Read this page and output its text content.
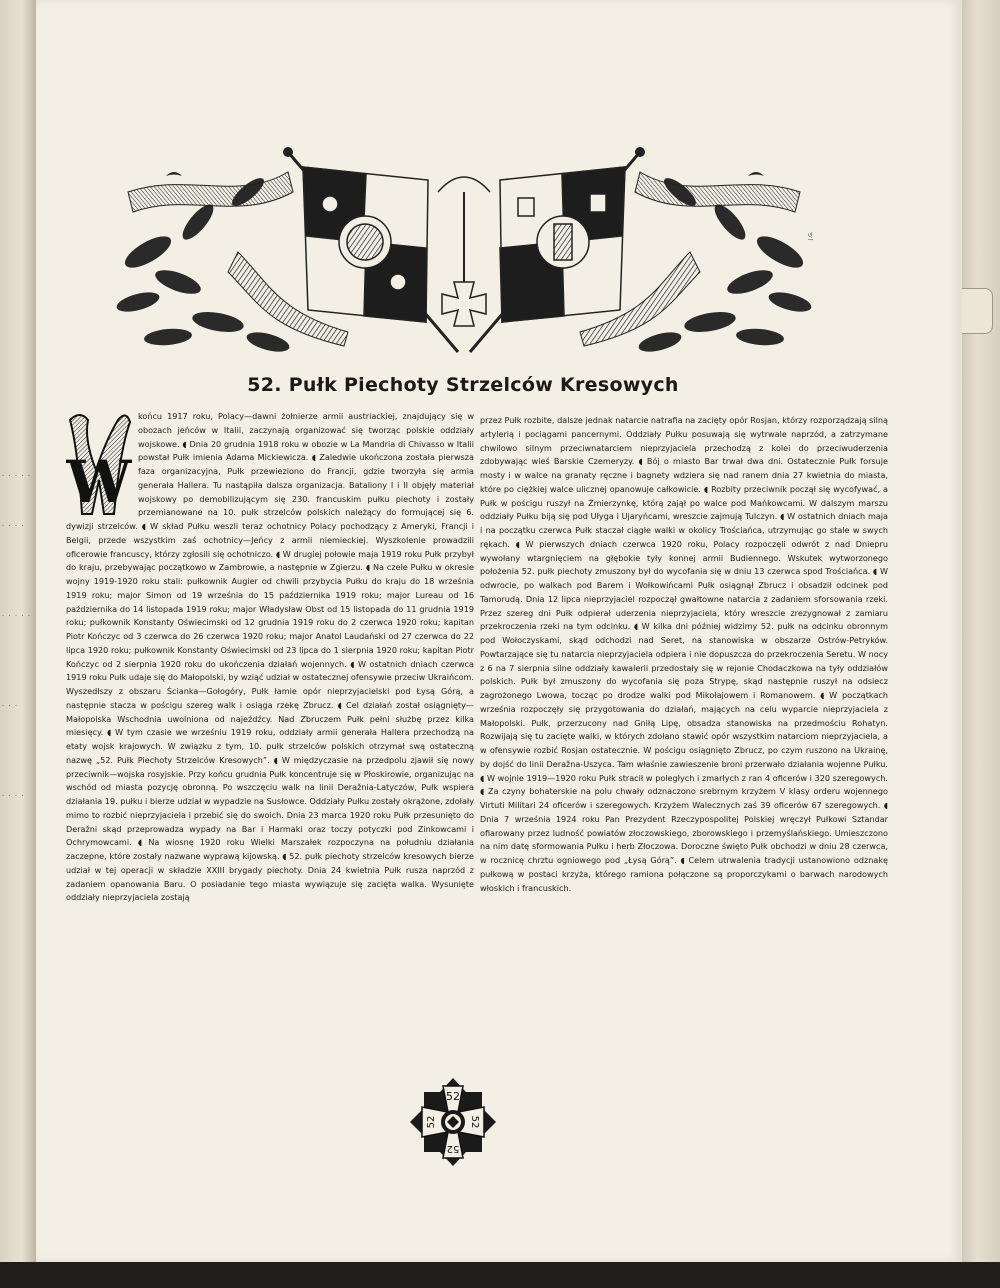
. . . . .
. . . .
. . . . .
. . .
. . . .
J.G.
52. Pułk Piechoty Strzelców Kresowych
W
końcu 1917 roku, Polacy—dawni żołnierze armii austriackiej, znajdujący się w obozach jeńców w Italii, zaczynają organizować się tworząc polskie oddziały wojskowe. ◖ Dnia 20 grudnia 1918 roku w obozie w La Mandria di Chivasso w Italii powstał Pułk imienia Adama Mickiewicza. ◖ Zaledwie ukończona została pierwsza faza organizacyjna, Pułk przewieziono do Francji, gdzie tworzyła się armia generała Hallera. Tu nastąpiła dalsza organizacja. Bataliony I i II objęły materiał wojskowy po demobilizującym się 230. francuskim pułku piechoty i zostały przemianowane na 10. pułk strzelców polskich należący do formującej się 6. dywizji strzelców. ◖ W skład Pułku weszli teraz ochotnicy Polacy pochodzący z Ameryki, Francji i Belgii, przede wszystkim zaś ochotnicy—Jeńcy z armii niemieckiej. Wyszkolenie prowadzili oficerowie francuscy, którzy zgłosili się ochotniczo. ◖ W drugiej połowie maja 1919 roku Pułk przybył do kraju, przebywając początkowo w Zambrowie, a następnie w Zgierzu. ◖ Na czele Pułku w okresie wojny 1919-1920 roku stali: pułkownik Augier od chwili przybycia Pułku do kraju do 18 września 1919 roku; major Simon od 19 września do 15 października 1919 roku; major Lureau od 16 października do 14 listopada 1919 roku; major Władysław Obst od 15 listopada do 11 grudnia 1919 roku; pułkownik Konstanty Oświecimski od 12 grudnia 1919 roku do 2 czerwca 1920 roku; kapitan Piotr Kończyc od 3 czerwca do 26 czerwca 1920 roku; major Anatol Laudański od 27 czerwca do 22 lipca 1920 roku; pułkownik Konstanty Oświecimski od 23 lipca do 1 sierpnia 1920 roku; kapitan Piotr Kończyc od 2 sierpnia 1920 roku do ukończenia działań wojennych. ◖ W ostatnich dniach czerwca 1919 roku Pułk udaje się do Małopolski, by wziąć udział w ostatecznej ofensywie przeciw Ukraińcom. Wyszedłszy z obszaru Ścianka—Gołogóry, Pułk łamie opór nieprzyjacielski pod Łysą Górą, a następnie stacza w pościgu szereg walk i osiąga rzekę Zbrucz. ◖ Cel działań został osiągnięty—Małopolska Wschodnia uwolniona od najeźdźcy. Nad Zbruczem Pułk pełni służbę przez kilka miesięcy. ◖ W tym czasie we wrześniu 1919 roku, oddziały armii generała Hallera przechodzą na etaty wojsk krajowych. W związku z tym, 10. pułk strzelców polskich otrzymał swą ostateczną nazwę „52. Pułk Piechoty Strzelców Kresowych”. ◖ W międzyczasie na przedpolu zjawił się nowy przeciwnik—wojska rosyjskie. Przy końcu grudnia Pułk koncentruje się w Płoskirowie, organizując na wschód od miasta pozycję obronną. Po wszczęciu walk na linii Deražnia-Latyczów, Pułk wspiera działania 19. pułku i bierze udział w wypadzie na Susłowce. Oddziały Pułku zostały okrążone, zdołały mimo to rozbić nieprzyjaciela i przebić się do swoich. Dnia 23 marca 1920 roku Pułk przesunięto do Deražni skąd przeprowadza wypady na Bar i Harmaki oraz toczy potyczki pod Zinkowcami i Ochrymowcami. ◖ Na wiosnę 1920 roku Wielki Marszałek rozpoczyna na południu działania zaczepne, które zostały nazwane wyprawą kijowską. ◖ 52. pułk piechoty strzelców kresowych bierze udział w tej operacji w składzie XXIII brygady piechoty. Dnia 24 kwietnia Pułk rusza naprzód z zadaniem opanowania Baru. O posiadanie tego miasta wywiązuje się zacięta walka. Wysunięte oddziały nieprzyjaciela zostają
przez Pułk rozbite, dalsze jednak natarcie natrafia na zacięty opór Rosjan, którzy rozporządzają silną artylerią i pociągami pancernymi. Oddziały Pułku posuwają się wytrwale naprzód, a zatrzymane chwilowo silnym przeciwnatarciem nieprzyjaciela przechodzą z kolei do przeciwuderzenia zdobywając wieś Barskie Czemeryzy. ◖ Bój o miasto Bar trwał dwa dni. Ostatecznie Pułk forsuje mosty i w walce na granaty ręczne i bagnety wdziera się nad ranem dnia 27 kwietnia do miasta, które po ciężkiej walce ulicznej opanowuje całkowicie. ◖ Rozbity przeciwnik począł się wycofywać, a Pułk w pościgu ruszył na Żmierzynkę, którą zajął po walce pod Mańkowcami. W dalszym marszu oddziały Pułku biją się pod Ułyga i Ujaryńcami, wreszcie zajmują Tulczyn. ◖ W ostatnich dniach maja i na początku czerwca Pułk staczał ciągłe walki w okolicy Trościańca, utrzymując go stale w swych rękach. ◖ W pierwszych dniach czerwca 1920 roku, Polacy rozpoczęli odwrót z nad Dniepru wywołany wtargnięciem na głębokie tyły konnej armii Budiennego. Wskutek wytworzonego położenia 52. pułk piechoty zmuszony był do wycofania się w dniu 13 czerwca spod Trościańca. ◖ W odwrocie, po walkach pod Barem i Wołkowińcami Pułk osiągnął Zbrucz i obsadził odcinek pod Tamorudą. Dnia 12 lipca nieprzyjaciel rozpoczął gwałtowne natarcia z zadaniem sforsowania rzeki. Przez szereg dni Pułk odpierał uderzenia nieprzyjaciela, który wreszcie zrezygnował z zamiaru przekroczenia rzeki na tym odcinku. ◖ W kilka dni później widzimy 52. pułk na odcinku obronnym pod Wołoczyskami, skąd odchodzi nad Seret, na stanowiska w obszarze Ostrów-Petryków. Powtarzające się tu natarcia nieprzyjaciela odpiera i nie dopuszcza do przekroczenia Seretu. W nocy z 6 na 7 sierpnia silne oddziały kawalerii przedostały się w rejonie Chodaczkowa na tyły oddziałów polskich. Pułk był zmuszony do wycofania się poza Strypę, skąd następnie ruszył na odsiecz zagrożonego Lwowa, tocząc po drodze walki pod Mikołajowem i Romanowem. ◖ W początkach września rozpoczęły się przygotowania do działań, mających na celu wyparcie nieprzyjaciela z Małopolski. Pułk, przerzucony nad Gniłą Lipę, obsadza stanowiska na przedmościu Rohatyn. Rozwijają się tu zacięte walki, w których zdołano stawić opór wszystkim natarciom nieprzyjaciela, a w ofensywie rozbić Rosjan ostatecznie. W pościgu osiągnięto Zbrucz, po czym ruszono na Ukrainę, by dojść do linii Deražna-Uszyca. Tam właśnie zawieszenie broni przerwało działania wojenne Pułku. ◖ W wojnie 1919—1920 roku Pułk stracił w poległych i zmarłych z ran 4 oficerów i 320 szeregowych. ◖ Za czyny bohaterskie na polu chwały odznaczono srebrnym krzyżem V klasy orderu wojennego Virtuti Militari 24 oficerów i szeregowych. Krzyżem Walecznych zaś 39 oficerów 67 szeregowych. ◖ Dnia 7 września 1924 roku Pan Prezydent Rzeczypospolitej Polskiej wręczył Pułkowi Sztandar ofiarowany przez ludność powiatów złoczowskiego, zborowskiego i przemyślańskiego. Umieszczono na nim datę sformowania Pułku i herb Złoczowa. Doroczne święto Pułk obchodzi w dniu 28 czerwca, w rocznicę chrztu ogniowego pod „Łysą Górą”. ◖ Celem utrwalenia tradycji ustanowiono odznakę pułkową w postaci krzyża, którego ramiona połączone są proporczykami o barwach narodowych włoskich i francuskich.
52
52	52
52
